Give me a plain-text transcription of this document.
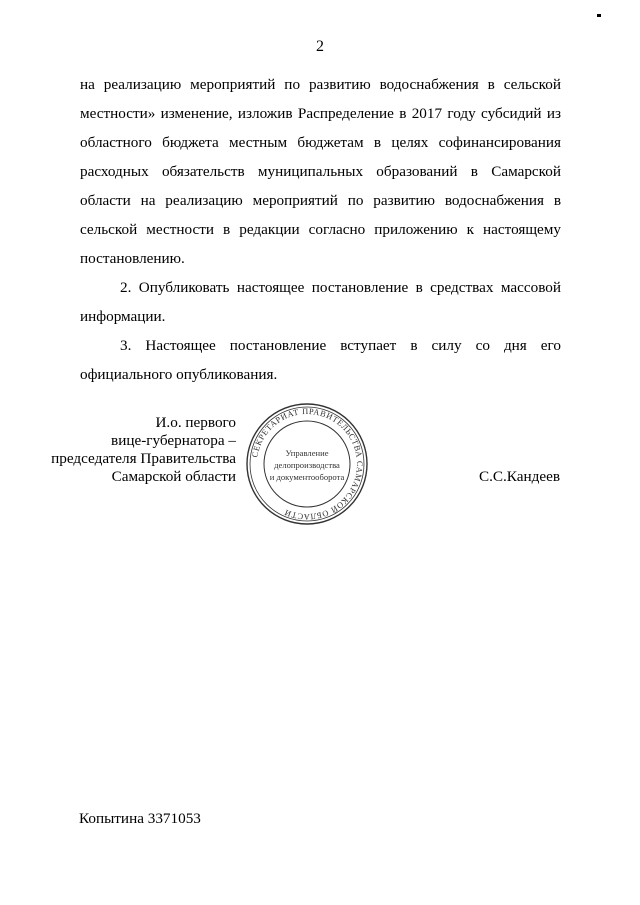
2

на реализацию мероприятий по развитию водоснабжения в сельской местности» изменение, изложив Распределение в 2017 году субсидий из областного бюджета местным бюджетам в целях софинансирования расходных обязательств муниципальных образований в Самарской области на реализацию мероприятий по развитию водоснабжения в сельской местности в редакции согласно приложению к настоящему постановлению.

2. Опубликовать настоящее постановление в средствах массовой информации.

3. Настоящее постановление вступает в силу со дня его официального опубликования.

И.о. первого
вице-губернатора –
председателя Правительства
Самарской области
СЕКРЕТАРИАТ ПРАВИТЕЛЬСТВА САМАРСКОЙ ОБЛАСТИ
Управление
делопроизводства
и документооборота	С.С.Кандеев
Копытина 3371053
